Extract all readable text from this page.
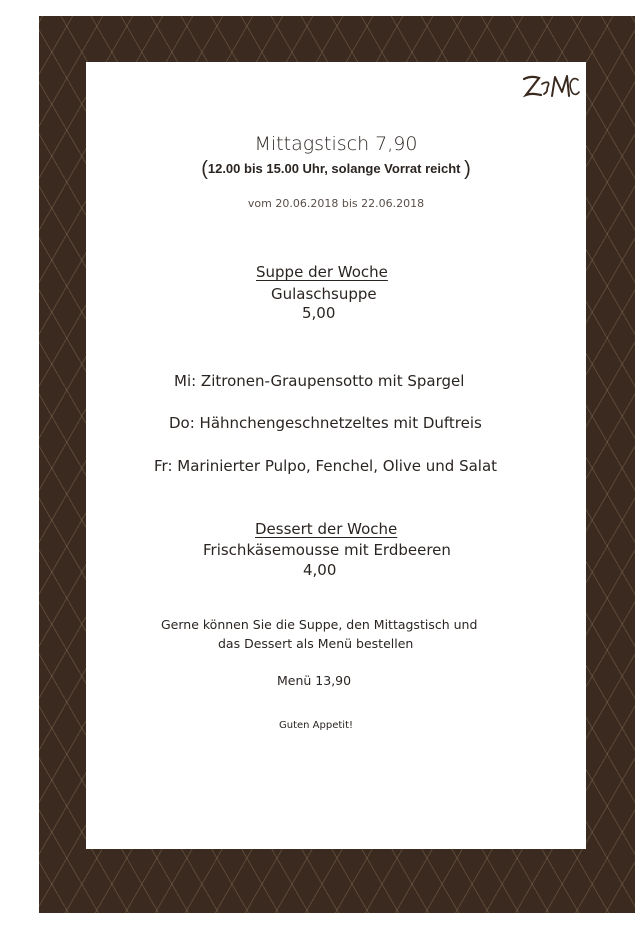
Mittagstisch 7,90
(12.00 bis 15.00 Uhr, solange Vorrat reicht )
vom 20.06.2018 bis 22.06.2018
Suppe der Woche
Gulaschsuppe
5,00
Mi: Zitronen-Graupensotto mit Spargel
Do: Hähnchengeschnetzeltes mit Duftreis
Fr: Marinierter Pulpo, Fenchel, Olive und Salat
Dessert der Woche
Frischkäsemousse mit Erdbeeren
4,00
Gerne können Sie die Suppe, den Mittagstisch und
das Dessert als Menü bestellen
Menü 13,90
Guten Appetit!
